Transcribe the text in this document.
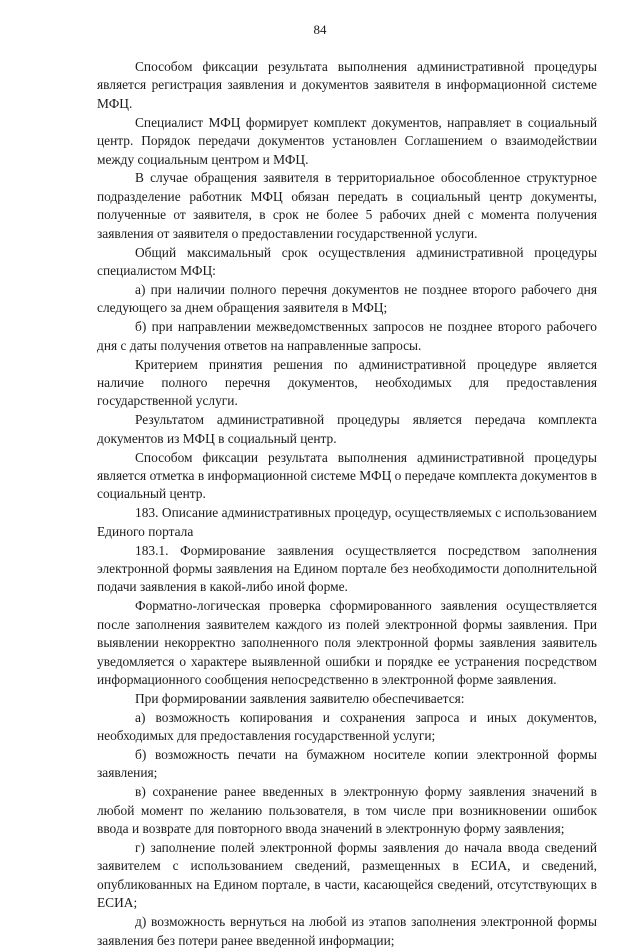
84

Способом фиксации результата выполнения административной процедуры является регистрация заявления и документов заявителя в информационной системе МФЦ.

Специалист МФЦ формирует комплект документов, направляет в социальный центр. Порядок передачи документов установлен Соглашением о взаимодействии между социальным центром и МФЦ.

В случае обращения заявителя в территориальное обособленное структурное подразделение работник МФЦ обязан передать в социальный центр документы, полученные от заявителя, в срок не более 5 рабочих дней с момента получения заявления от заявителя о предоставлении государственной услуги.

Общий максимальный срок осуществления административной процедуры специалистом МФЦ:

а) при наличии полного перечня документов не позднее второго рабочего дня следующего за днем обращения заявителя в МФЦ;

б) при направлении межведомственных запросов не позднее второго рабочего дня с даты получения ответов на направленные запросы.

Критерием принятия решения по административной процедуре является наличие полного перечня документов, необходимых для предоставления государственной услуги.

Результатом административной процедуры является передача комплекта документов из МФЦ в социальный центр.

Способом фиксации результата выполнения административной процедуры является отметка в информационной системе МФЦ о передаче комплекта документов в социальный центр.

183. Описание административных процедур, осуществляемых с использованием Единого портала

183.1. Формирование заявления осуществляется посредством заполнения электронной формы заявления на Едином портале без необходимости дополнительной подачи заявления в какой-либо иной форме.

Форматно-логическая проверка сформированного заявления осуществляется после заполнения заявителем каждого из полей электронной формы заявления. При выявлении некорректно заполненного поля электронной формы заявления заявитель уведомляется о характере выявленной ошибки и порядке ее устранения посредством информационного сообщения непосредственно в электронной форме заявления.

При формировании заявления заявителю обеспечивается:

а) возможность копирования и сохранения запроса и иных документов, необходимых для предоставления государственной услуги;

б) возможность печати на бумажном носителе копии электронной формы заявления;

в) сохранение ранее введенных в электронную форму заявления значений в любой момент по желанию пользователя, в том числе при возникновении ошибок ввода и возврате для повторного ввода значений в электронную форму заявления;

г) заполнение полей электронной формы заявления до начала ввода сведений заявителем с использованием сведений, размещенных в ЕСИА, и сведений, опубликованных на Едином портале, в части, касающейся сведений, отсутствующих в ЕСИА;

д) возможность вернуться на любой из этапов заполнения электронной формы заявления без потери ранее введенной информации;
